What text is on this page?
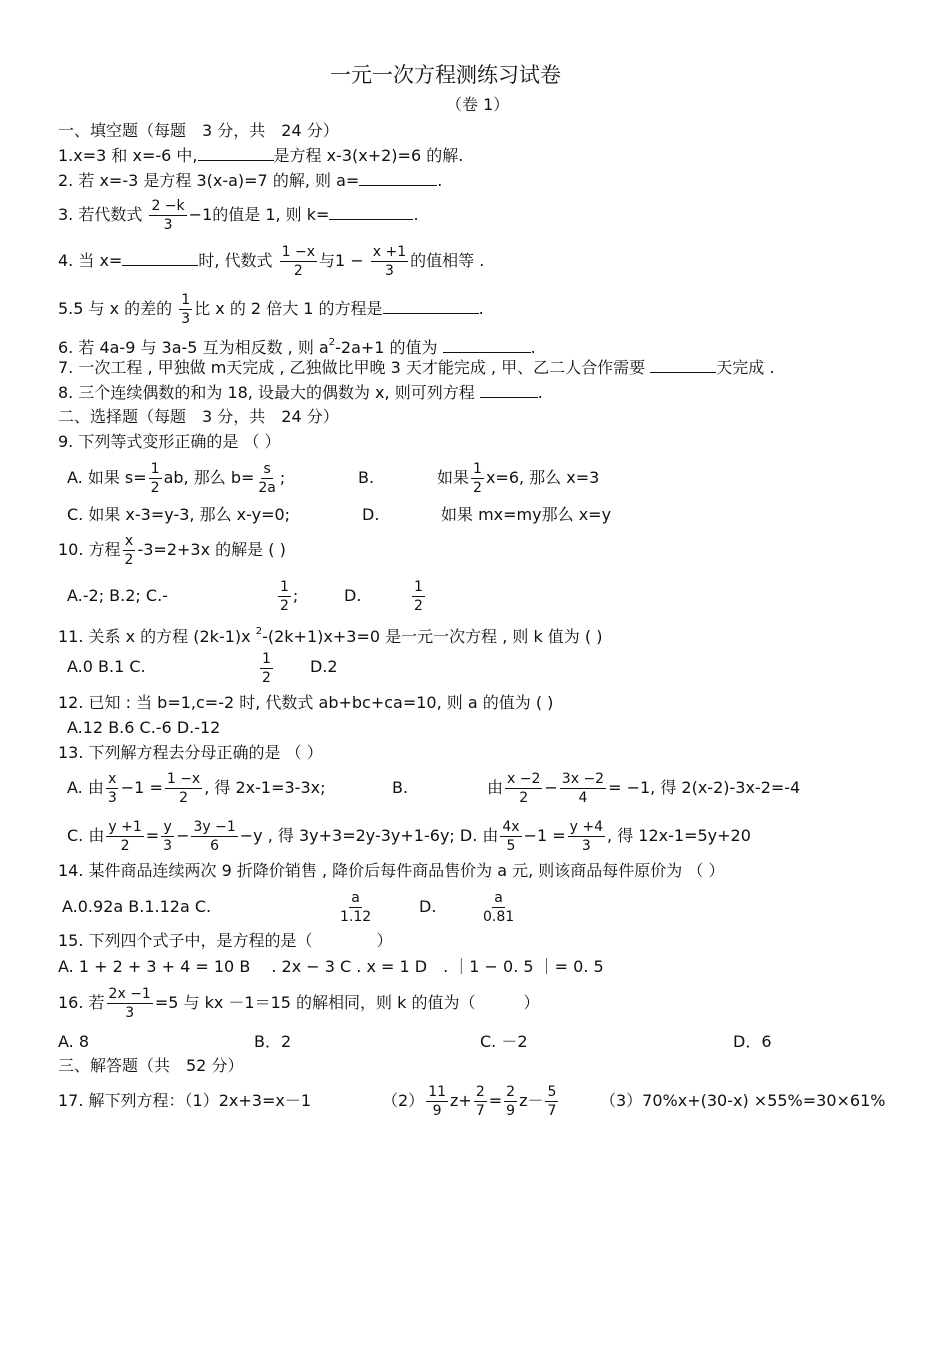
一元一次方程测练习试卷
（卷 1）
一、填空题（每题　3 分，共　24 分）
1.x=3 和 x=-6 中,	是方程 x-3(x+2)=6 的解.
2. 若 x=-3 是方程 3(x-a)=7 的解, 则 a=	.
3. 若代数式 $\frac{2 -k}{3} -1$的值是 1, 则 k=	.
4. 当 x=	时, 代数式 $\frac{1 -x}{2}$ 与$1 - \frac{x +1}{3}$ 的值相等 .
5.5 与 x 的差的 $\frac{1}{3}$ 比 x 的 2 倍大 1 的方程是	.
6. 若 4a-9 与 3a-5 互为相反数 , 则 $a^2-2a+1$ 的值为	.
7. 一次工程 , 甲独做 m天完成 , 乙独做比甲晚 3 天才能完成 , 甲、乙二人合作需要	天完成 .
8. 三个连续偶数的和为 18, 设最大的偶数为 x, 则可列方程	.
二、选择题（每题　3 分，共　24 分）
9. 下列等式变形正确的是 （ ）
A. 如果 $s= \frac{1}{2}$ ab, 那么 $b= \frac{s}{2a}$ ;	B.	如果 $\frac{1}{2} x=6$, 那么 x=3
C. 如果 x-3=y-3, 那么 x-y=0;	D.	如果 mx=my那么 x=y
10. 方程 $\frac{x}{2} -3=2+3x$ 的解是 ( )
A.-2; B.2; C.-	$\frac{1}{2}$ ;	D.	$\frac{1}{2}$
11. 关系 x 的方程 (2k-1)x $^2$-(2k+1)x+3=0 是一元一次方程 , 则 k 值为 ( )
A.0 B.1 C.	$\frac{1}{2} D.2$
12. 已知 : 当 b=1,c=-2 时, 代数式 ab+bc+ca=10, 则 a 的值为 ( )
A.12 B.6 C.-6 D.-12
13. 下列解方程去分母正确的是 （ ）
A. 由 $\frac{x}{3} -1 = \frac{1 -x}{2}$ , 得 2x-1=3-3x;	B.	由 $\frac{x -2}{2} - \frac{3x -2}{4} = -1$, 得 2(x-2)-3x-2=-4
C. 由 $\frac{y +1}{2} = \frac{y}{3} - \frac{3y -1}{6} -y$ , 得 3y+3=2y-3y+1-6y; D. 由 $\frac{4x}{5} -1 = \frac{y +4}{3}$ , 得 12x-1=5y+20
14. 某件商品连续两次 9 折降价销售 , 降价后每件商品售价为 a 元, 则该商品每件原价为 （ ）
A.0.92a B.1.12a C.	$\frac{a}{1.12}$	D.	$\frac{a}{0.81}$
15. 下列四个式子中，是方程的是（　　　　）
A. 1 + 2 + 3 + 4 = 10 B　 . 2x − 3 C . x = 1 D　. ｜1 − 0. 5 ｜= 0. 5
16. 若 $\frac{2x -1}{3} =5$ 与 kx －1＝15 的解相同，则 k 的值为（　　　）
A. 8	B．2	C. －2	D．6
三、解答题（共　52 分）
17. 解下列方程：（1）2x+3=x－1	$(2) \frac{11}{9} z+ \frac{2}{7} = \frac{2}{9} z- \frac{5}{7}$	（3）70%x+(30-x) ×55%=30×61%
